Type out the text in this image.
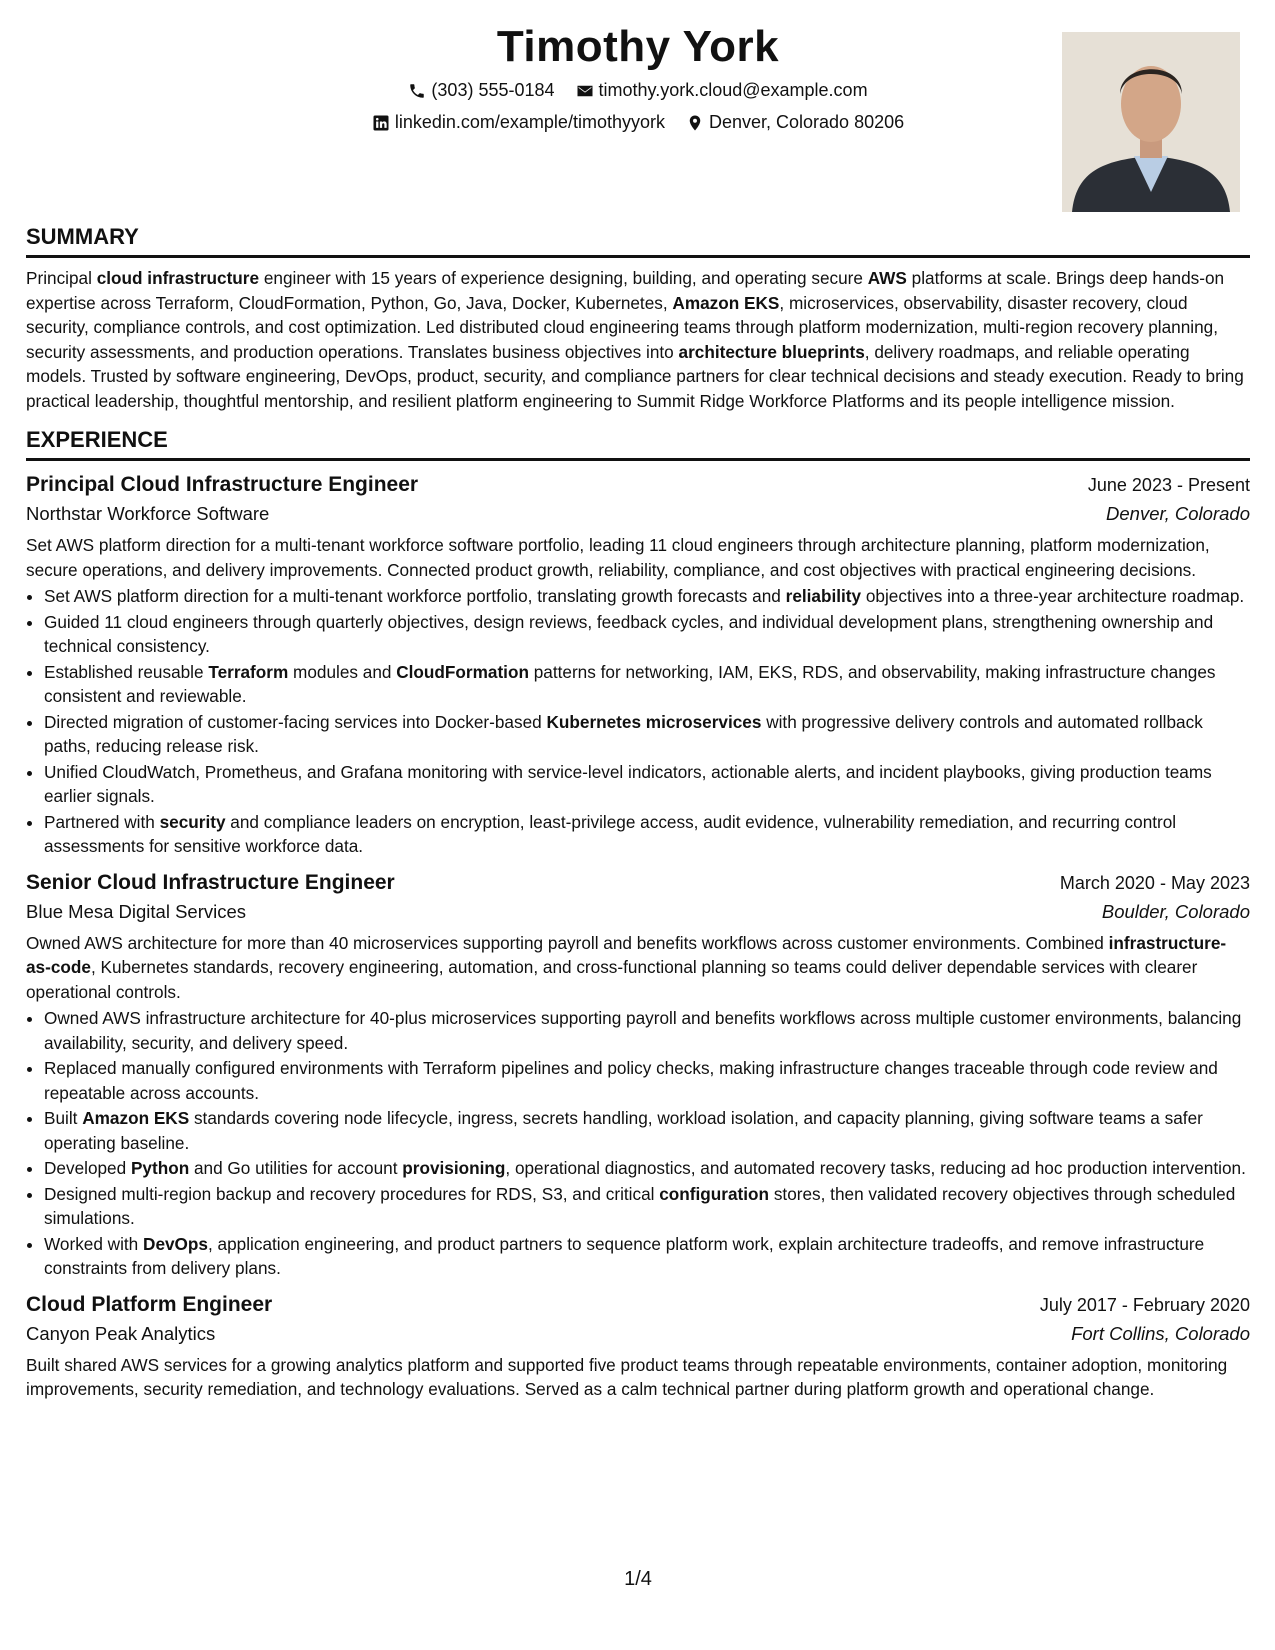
Timothy York
(303) 555-0184
timothy.york.cloud@example.com
linkedin.com/example/timothyyork
Denver, Colorado 80206
SUMMARY

Principal cloud infrastructure engineer with 15 years of experience designing, building, and operating secure AWS platforms at scale. Brings deep hands-on expertise across Terraform, CloudFormation, Python, Go, Java, Docker, Kubernetes, Amazon EKS, microservices, observability, disaster recovery, cloud security, compliance controls, and cost optimization. Led distributed cloud engineering teams through platform modernization, multi-region recovery planning, security assessments, and production operations. Translates business objectives into architecture blueprints, delivery roadmaps, and reliable operating models. Trusted by software engineering, DevOps, product, security, and compliance partners for clear technical decisions and steady execution. Ready to bring practical leadership, thoughtful mentorship, and resilient platform engineering to Summit Ridge Workforce Platforms and its people intelligence mission.

EXPERIENCE
Principal Cloud Infrastructure Engineer	June 2023 - Present
Northstar Workforce Software	Denver, Colorado

Set AWS platform direction for a multi-tenant workforce software portfolio, leading 11 cloud engineers through architecture planning, platform modernization, secure operations, and delivery improvements. Connected product growth, reliability, compliance, and cost objectives with practical engineering decisions.

• Set AWS platform direction for a multi-tenant workforce portfolio, translating growth forecasts and reliability objectives into a three-year architecture roadmap.
• Guided 11 cloud engineers through quarterly objectives, design reviews, feedback cycles, and individual development plans, strengthening ownership and technical consistency.
• Established reusable Terraform modules and CloudFormation patterns for networking, IAM, EKS, RDS, and observability, making infrastructure changes consistent and reviewable.
• Directed migration of customer-facing services into Docker-based Kubernetes microservices with progressive delivery controls and automated rollback paths, reducing release risk.
• Unified CloudWatch, Prometheus, and Grafana monitoring with service-level indicators, actionable alerts, and incident playbooks, giving production teams earlier signals.
• Partnered with security and compliance leaders on encryption, least-privilege access, audit evidence, vulnerability remediation, and recurring control assessments for sensitive workforce data.
Senior Cloud Infrastructure Engineer	March 2020 - May 2023
Blue Mesa Digital Services	Boulder, Colorado

Owned AWS architecture for more than 40 microservices supporting payroll and benefits workflows across customer environments. Combined infrastructure-as-code, Kubernetes standards, recovery engineering, automation, and cross-functional planning so teams could deliver dependable services with clearer operational controls.

• Owned AWS infrastructure architecture for 40-plus microservices supporting payroll and benefits workflows across multiple customer environments, balancing availability, security, and delivery speed.
• Replaced manually configured environments with Terraform pipelines and policy checks, making infrastructure changes traceable through code review and repeatable across accounts.
• Built Amazon EKS standards covering node lifecycle, ingress, secrets handling, workload isolation, and capacity planning, giving software teams a safer operating baseline.
• Developed Python and Go utilities for account provisioning, operational diagnostics, and automated recovery tasks, reducing ad hoc production intervention.
• Designed multi-region backup and recovery procedures for RDS, S3, and critical configuration stores, then validated recovery objectives through scheduled simulations.
• Worked with DevOps, application engineering, and product partners to sequence platform work, explain architecture tradeoffs, and remove infrastructure constraints from delivery plans.
Cloud Platform Engineer	July 2017 - February 2020
Canyon Peak Analytics	Fort Collins, Colorado

Built shared AWS services for a growing analytics platform and supported five product teams through repeatable environments, container adoption, monitoring improvements, security remediation, and technology evaluations. Served as a calm technical partner during platform growth and operational change.

1/4
